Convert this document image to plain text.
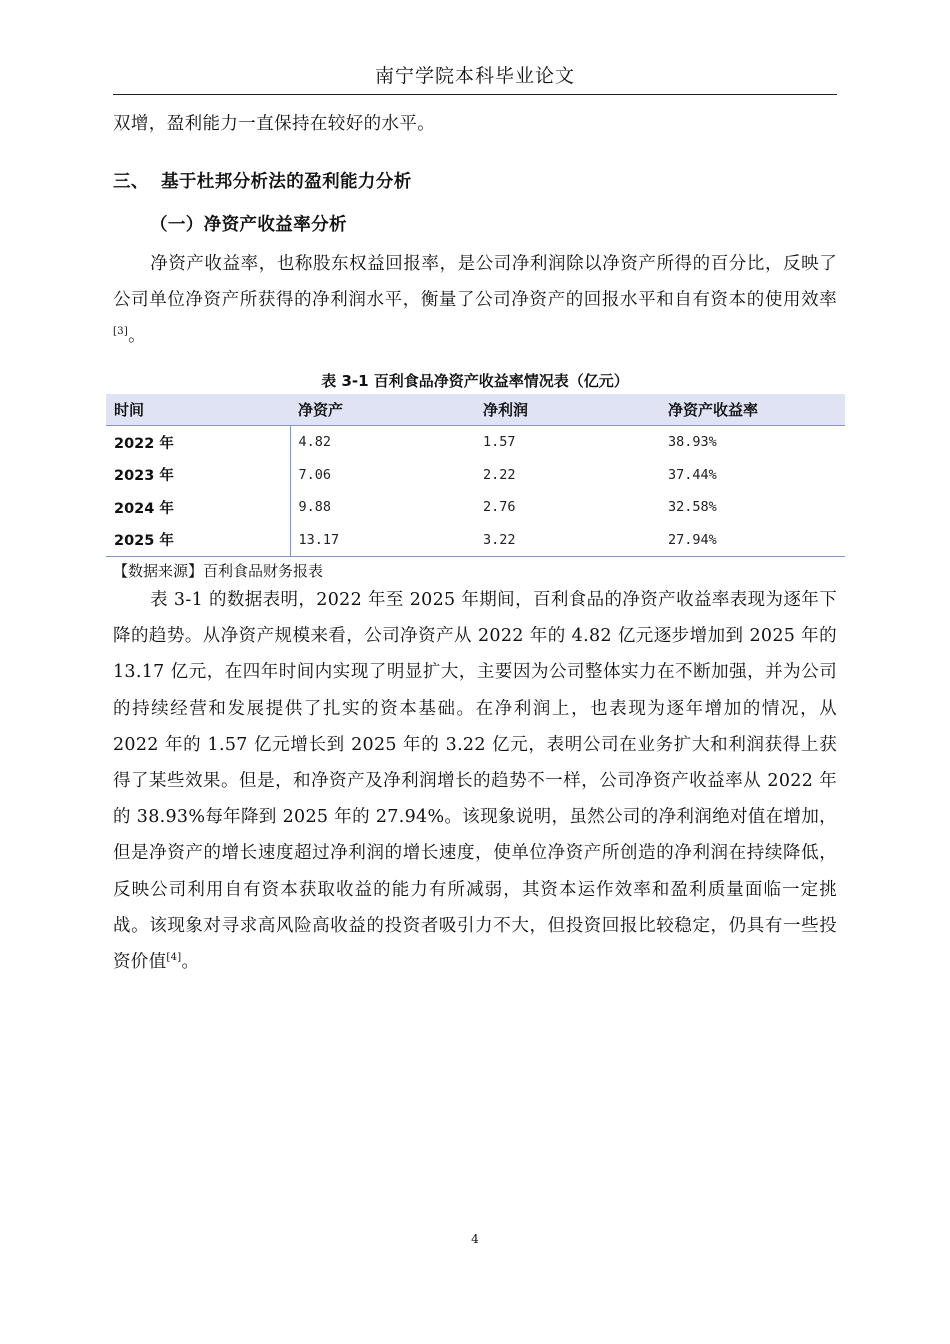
南宁学院本科毕业论文
双增，盈利能力一直保持在较好的水平。
三、 基于杜邦分析法的盈利能力分析
（一）净资产收益率分析
净资产收益率，也称股东权益回报率，是公司净利润除以净资产所得的百分比，反映了公司单位净资产所获得的净利润水平，衡量了公司净资产的回报水平和自有资本的使用效率[3]。
表 3-1 百利食品净资产收益率情况表（亿元）
时间	净资产	净利润	净资产收益率
2022 年	4.82	1.57	38.93%
2023 年	7.06	2.22	37.44%
2024 年	9.88	2.76	32.58%
2025 年	13.17	3.22	27.94%
【数据来源】百利食品财务报表
表 3-1 的数据表明，2022 年至 2025 年期间，百利食品的净资产收益率表现为逐年下降的趋势。从净资产规模来看，公司净资产从 2022 年的 4.82 亿元逐步增加到 2025 年的 13.17 亿元，在四年时间内实现了明显扩大，主要因为公司整体实力在不断加强，并为公司的持续经营和发展提供了扎实的资本基础。在净利润上，也表现为逐年增加的情况，从 2022 年的 1.57 亿元增长到 2025 年的 3.22 亿元，表明公司在业务扩大和利润获得上获得了某些效果。但是，和净资产及净利润增长的趋势不一样，公司净资产收益率从 2022 年的 38.93%每年降到 2025 年的 27.94%。该现象说明，虽然公司的净利润绝对值在增加，但是净资产的增长速度超过净利润的增长速度，使单位净资产所创造的净利润在持续降低，反映公司利用自有资本获取收益的能力有所减弱，其资本运作效率和盈利质量面临一定挑战。该现象对寻求高风险高收益的投资者吸引力不大，但投资回报比较稳定，仍具有一些投资价值[4]。
4
